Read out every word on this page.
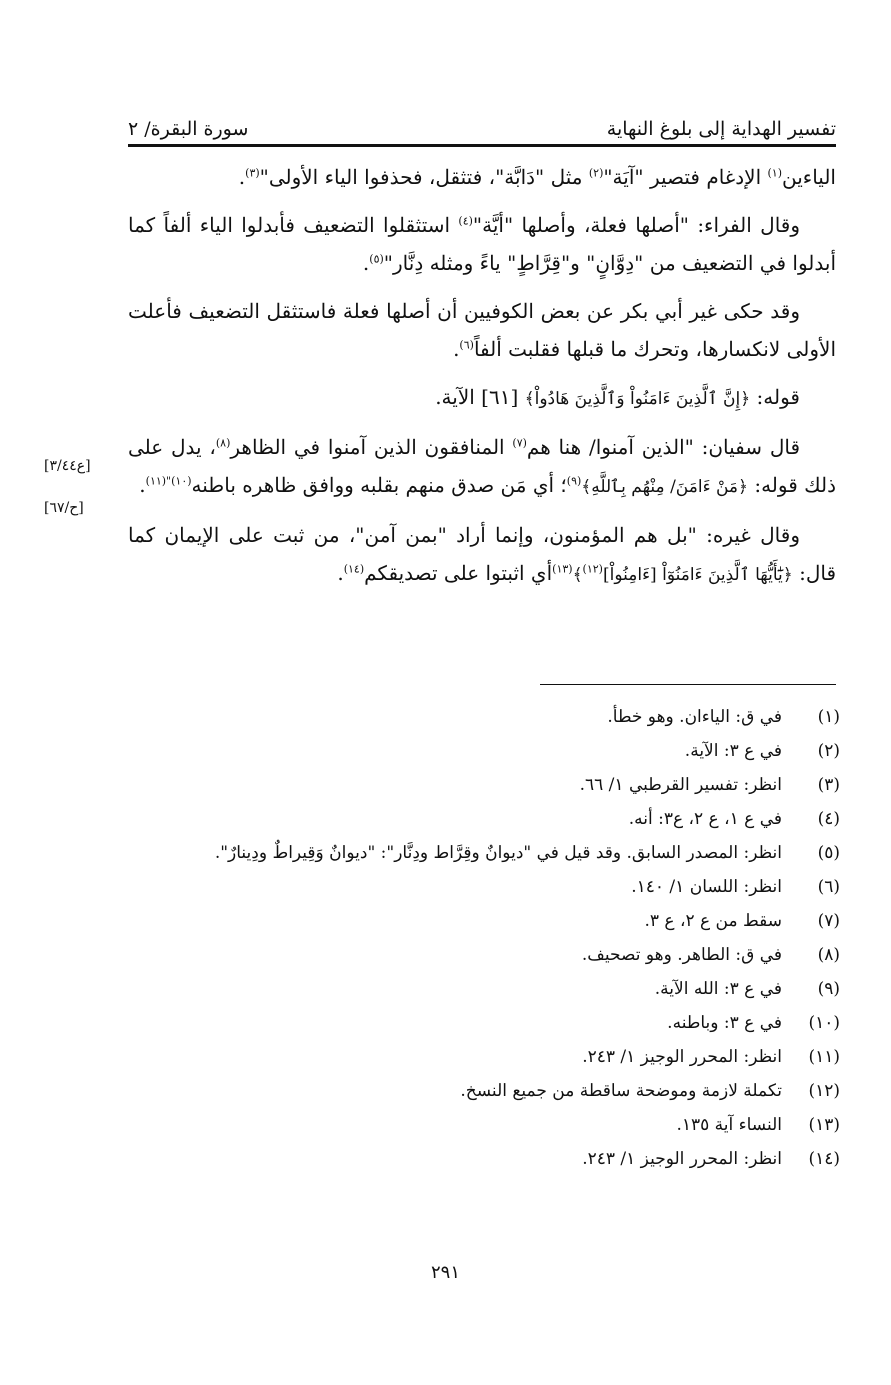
تفسير الهداية إلى بلوغ النهاية
سورة البقرة/ ٢
[ع٣/٤٤]
[ح/٦٧]

الياءين$^{(١)}$ الإدغام فتصير "آيَة"$^{(٢)}$ مثل "دَابَّة"، فتثقل، فحذفوا الياء الأولى"$^{(٣)}$.

وقال الفراء: "أصلها فعلة، وأصلها "أيَّة"$^{(٤)}$ استثقلوا التضعيف فأبدلوا الياء ألفاً كما أبدلوا في التضعيف من "دِوَّانٍ" و"قِرَّاطٍ" ياءً ومثله دِنَّار"$^{(٥)}$.

وقد حكى غير أبي بكر عن بعض الكوفيين أن أصلها فعلة فاستثقل التضعيف فأعلت الأولى لانكسارها، وتحرك ما قبلها فقلبت ألفاً$^{(٦)}$.

قوله: ﴿إِنَّ ٱلَّذِينَ ءَامَنُواْ وَٱلَّذِينَ هَادُواْ﴾ [٦١] الآية.

قال سفيان: "الذين آمنوا/ هنا هم$^{(٧)}$ المنافقون الذين آمنوا في الظاهر$^{(٨)}$، يدل على ذلك قوله: ﴿مَنْ ءَامَنَ/ مِنْهُم بِٱللَّهِ﴾$^{(٩)}$؛ أي مَن صدق منهم بقلبه ووافق ظاهره باطنه$^{(١٠)"(١١)}$.

وقال غيره: "بل هم المؤمنون، وإنما أراد "بمن آمن"، من ثبت على الإيمان كما قال: ﴿يَٰٓأَيُّهَا ٱلَّذِينَ ءَامَنُوٓاْ [ءَامِنُواْ]$^{(١٢)}$﴾$^{(١٣)}$أي اثبتوا على تصديقكم$^{(١٤)}$.

(١)
في ق: الياءان. وهو خطأ.
(٢)
في ع ٣: الآية.
(٣)
انظر: تفسير القرطبي ١/ ٦٦.
(٤)
في ع ١، ع ٢، ع٣: أنه.
(٥)
انظر: المصدر السابق. وقد قيل في "ديوانٌ وقِرَّاط ودِنَّار": "ديوانٌ وَقِيراطٌ ودِينارٌ".
(٦)
انظر: اللسان ١/ ١٤٠.
(٧)
سقط من ع ٢، ع ٣.
(٨)
في ق: الطاهر. وهو تصحيف.
(٩)
في ع ٣: الله الآية.
(١٠)
في ع ٣: وباطنه.
(١١)
انظر: المحرر الوجيز ١/ ٢٤٣.
(١٢)
تكملة لازمة وموضحة ساقطة من جميع النسخ.
(١٣)
النساء آية ١٣٥.
(١٤)
انظر: المحرر الوجيز ١/ ٢٤٣.
٢٩١
